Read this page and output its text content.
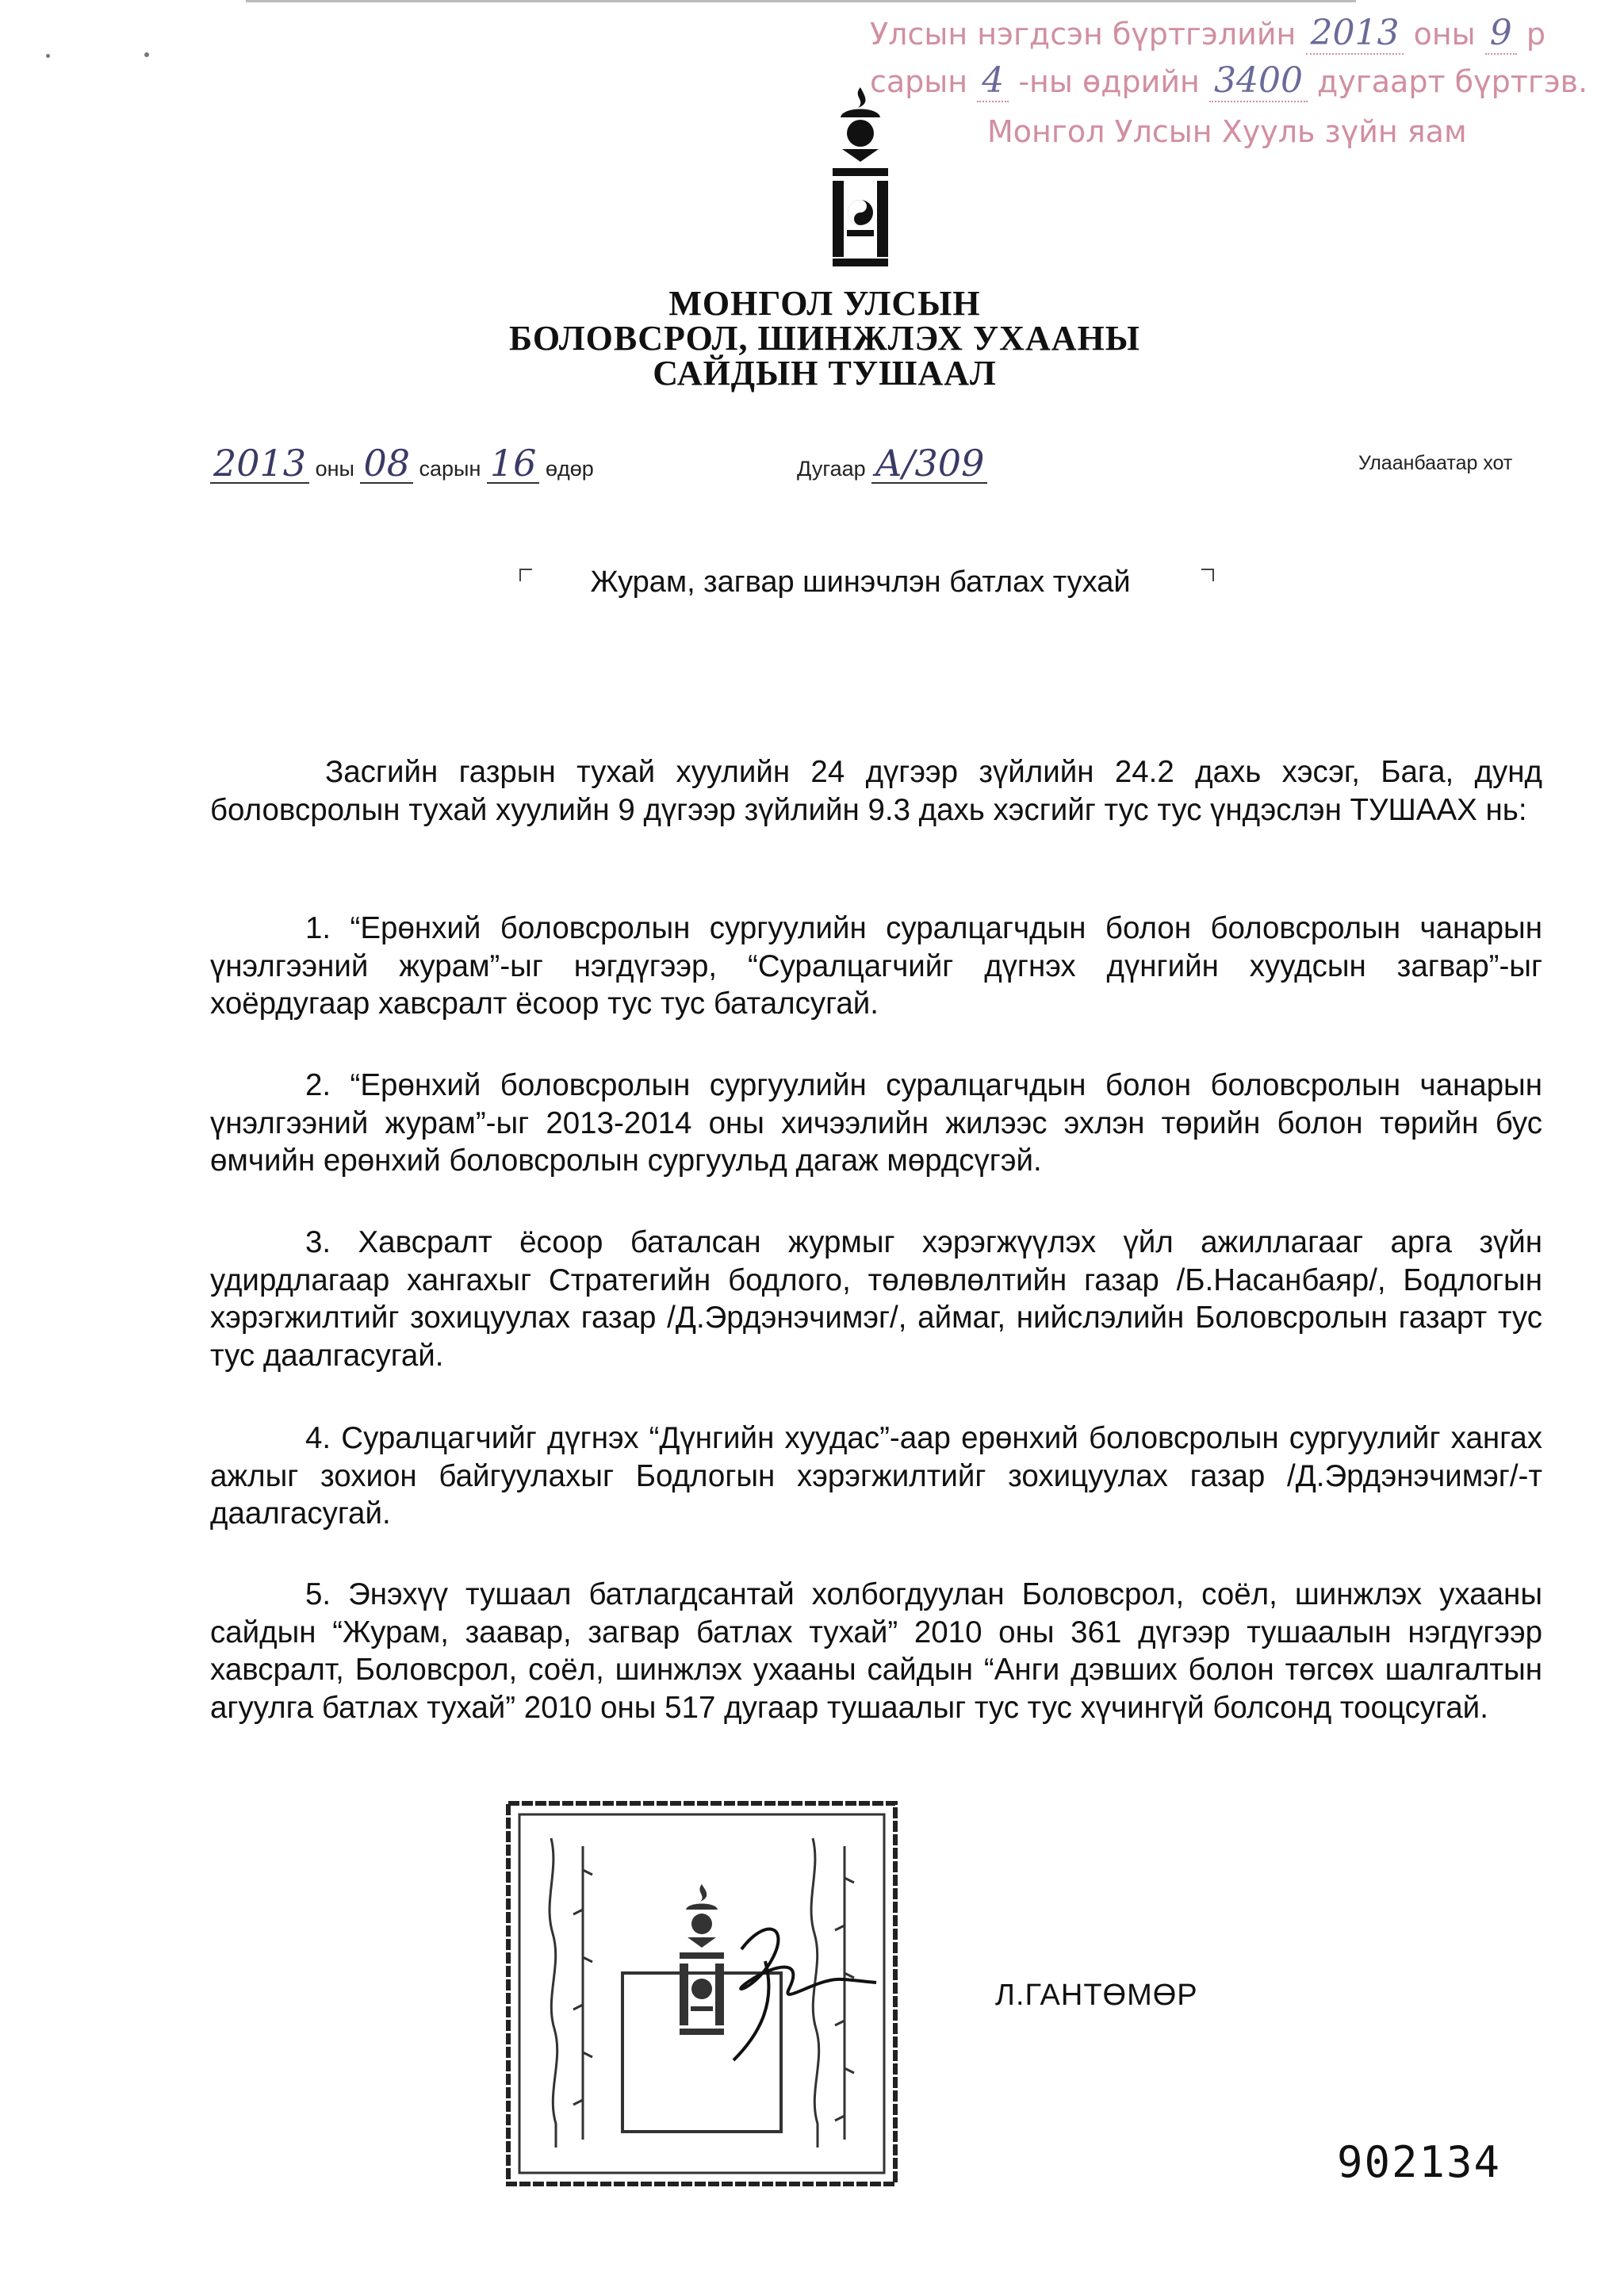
Улсын нэгдсэн бүртгэлийн 2013 оны 9 р
сарын 4 -ны өдрийн 3400 дугаарт бүртгэв.
Монгол Улсын Хууль зүйн яам
МОНГОЛ УЛСЫН
БОЛОВСРОЛ, ШИНЖЛЭХ УХААНЫ
САЙДЫН ТУШААЛ
2013 оны 08 сарын 16 өдөр	Дугаар А/309	Улаанбаатар хот
Журам, загвар шинэчлэн батлах тухай

Засгийн газрын тухай хуулийн 24 дүгээр зүйлийн 24.2 дахь хэсэг, Бага, дунд боловсролын тухай хуулийн 9 дүгээр зүйлийн 9.3 дахь хэсгийг тус тус үндэслэн ТУШААХ нь:

1. “Ерөнхий боловсролын сургуулийн суралцагчдын болон боловсролын чанарын үнэлгээний журам”-ыг нэгдүгээр, “Суралцагчийг дүгнэх дүнгийн хуудсын загвар”-ыг хоёрдугаар хавсралт ёсоор тус тус баталсугай.

2. “Ерөнхий боловсролын сургуулийн суралцагчдын болон боловсролын чанарын үнэлгээний журам”-ыг 2013-2014 оны хичээлийн жилээс эхлэн төрийн болон төрийн бус өмчийн ерөнхий боловсролын сургуульд дагаж мөрдсүгэй.

3. Хавсралт ёсоор баталсан журмыг хэрэгжүүлэх үйл ажиллагааг арга зүйн удирдлагаар хангахыг Стратегийн бодлого, төлөвлөлтийн газар /Б.Насанбаяр/, Бодлогын хэрэгжилтийг зохицуулах газар /Д.Эрдэнэчимэг/, аймаг, нийслэлийн Боловсролын газарт тус тус даалгасугай.

4. Суралцагчийг дүгнэх “Дүнгийн хуудас”-аар ерөнхий боловсролын сургуулийг хангах ажлыг зохион байгуулахыг Бодлогын хэрэгжилтийг зохицуулах газар /Д.Эрдэнэчимэг/-т даалгасугай.

5. Энэхүү тушаал батлагдсантай холбогдуулан Боловсрол, соёл, шинжлэх ухааны сайдын “Журам, заавар, загвар батлах тухай” 2010 оны 361 дүгээр тушаалын нэгдүгээр хавсралт, Боловсрол, соёл, шинжлэх ухааны сайдын “Анги дэвших болон төгсөх шалгалтын агуулга батлах тухай” 2010 оны 517 дугаар тушаалыг тус тус хүчингүй болсонд тооцсугай.

Л.ГАНТӨМӨР
902134
